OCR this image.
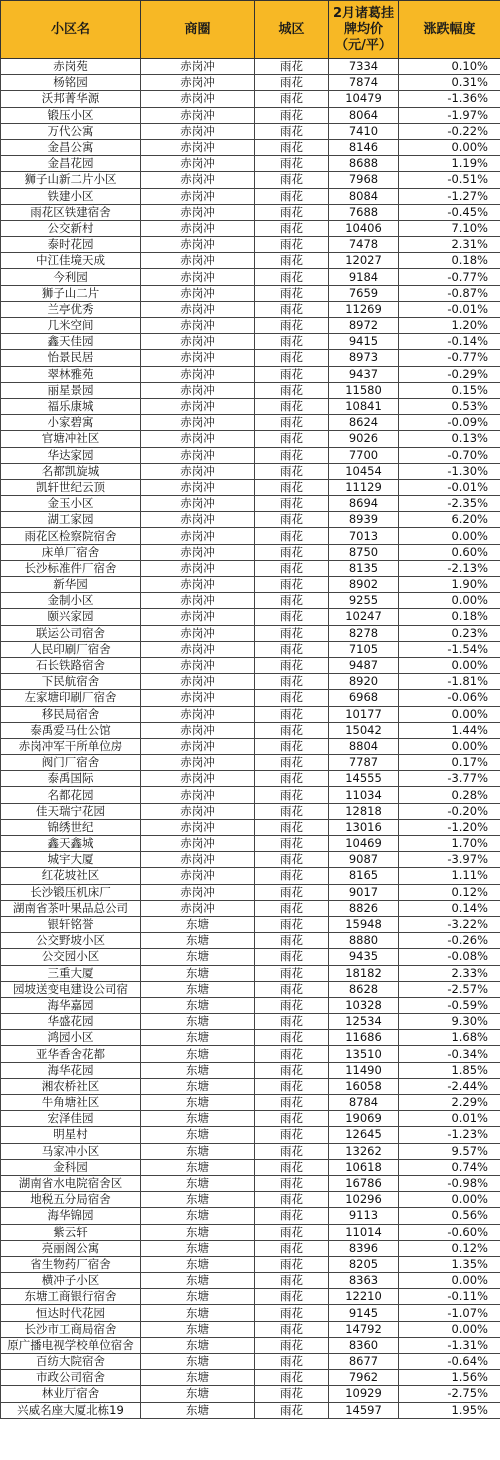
小区名	商圈	城区	2月诸葛挂牌均价（元/平）	涨跌幅度
赤岗苑	赤岗冲	雨花	7334	0.10%
杨铭园	赤岗冲	雨花	7874	0.31%
沃邦菁华源	赤岗冲	雨花	10479	-1.36%
锻压小区	赤岗冲	雨花	8064	-1.97%
万代公寓	赤岗冲	雨花	7410	-0.22%
金昌公寓	赤岗冲	雨花	8146	0.00%
金昌花园	赤岗冲	雨花	8688	1.19%
狮子山新二片小区	赤岗冲	雨花	7968	-0.51%
铁建小区	赤岗冲	雨花	8084	-1.27%
雨花区铁建宿舍	赤岗冲	雨花	7688	-0.45%
公交新村	赤岗冲	雨花	10406	7.10%
泰时花园	赤岗冲	雨花	7478	2.31%
中江佳境天成	赤岗冲	雨花	12027	0.18%
今利园	赤岗冲	雨花	9184	-0.77%
狮子山二片	赤岗冲	雨花	7659	-0.87%
兰亭优秀	赤岗冲	雨花	11269	-0.01%
几米空间	赤岗冲	雨花	8972	1.20%
鑫天佳园	赤岗冲	雨花	9415	-0.14%
怡景民居	赤岗冲	雨花	8973	-0.77%
翠林雅苑	赤岗冲	雨花	9437	-0.29%
丽星景园	赤岗冲	雨花	11580	0.15%
福乐康城	赤岗冲	雨花	10841	0.53%
小家碧寓	赤岗冲	雨花	8624	-0.09%
官塘冲社区	赤岗冲	雨花	9026	0.13%
华达家园	赤岗冲	雨花	7700	-0.70%
名都凯旋城	赤岗冲	雨花	10454	-1.30%
凯轩世纪云顶	赤岗冲	雨花	11129	-0.01%
金玉小区	赤岗冲	雨花	8694	-2.35%
湖工家园	赤岗冲	雨花	8939	6.20%
雨花区检察院宿舍	赤岗冲	雨花	7013	0.00%
床单厂宿舍	赤岗冲	雨花	8750	0.60%
长沙标准件厂宿舍	赤岗冲	雨花	8135	-2.13%
新华园	赤岗冲	雨花	8902	1.90%
金制小区	赤岗冲	雨花	9255	0.00%
颐兴家园	赤岗冲	雨花	10247	0.18%
联运公司宿舍	赤岗冲	雨花	8278	0.23%
人民印刷厂宿舍	赤岗冲	雨花	7105	-1.54%
石长铁路宿舍	赤岗冲	雨花	9487	0.00%
下民航宿舍	赤岗冲	雨花	8920	-1.81%
左家塘印刷厂宿舍	赤岗冲	雨花	6968	-0.06%
移民局宿舍	赤岗冲	雨花	10177	0.00%
泰禹爱马仕公馆	赤岗冲	雨花	15042	1.44%
赤岗冲军干所单位房	赤岗冲	雨花	8804	0.00%
阀门厂宿舍	赤岗冲	雨花	7787	0.17%
泰禹国际	赤岗冲	雨花	14555	-3.77%
名都花园	赤岗冲	雨花	11034	0.28%
佳天瑞宁花园	赤岗冲	雨花	12818	-0.20%
锦绣世纪	赤岗冲	雨花	13016	-1.20%
鑫天鑫城	赤岗冲	雨花	10469	1.70%
城宇大厦	赤岗冲	雨花	9087	-3.97%
红花坡社区	赤岗冲	雨花	8165	1.11%
长沙锻压机床厂	赤岗冲	雨花	9017	0.12%
湖南省茶叶果品总公司	赤岗冲	雨花	8826	0.14%
银轩铭誉	东塘	雨花	15948	-3.22%
公交野坡小区	东塘	雨花	8880	-0.26%
公交园小区	东塘	雨花	9435	-0.08%
三重大厦	东塘	雨花	18182	2.33%
园坡送变电建设公司宿	东塘	雨花	8628	-2.57%
海华嘉园	东塘	雨花	10328	-0.59%
华盛花园	东塘	雨花	12534	9.30%
鸿园小区	东塘	雨花	11686	1.68%
亚华香舍花都	东塘	雨花	13510	-0.34%
海华花园	东塘	雨花	11490	1.85%
湘农桥社区	东塘	雨花	16058	-2.44%
牛角塘社区	东塘	雨花	8784	2.29%
宏泽佳园	东塘	雨花	19069	0.01%
明星村	东塘	雨花	12645	-1.23%
马家冲小区	东塘	雨花	13262	9.57%
金科园	东塘	雨花	10618	0.74%
湖南省水电院宿舍区	东塘	雨花	16786	-0.98%
地税五分局宿舍	东塘	雨花	10296	0.00%
海华锦园	东塘	雨花	9113	0.56%
紫云轩	东塘	雨花	11014	-0.60%
亮丽阁公寓	东塘	雨花	8396	0.12%
省生物药厂宿舍	东塘	雨花	8205	1.35%
横冲子小区	东塘	雨花	8363	0.00%
东塘工商银行宿舍	东塘	雨花	12210	-0.11%
恒达时代花园	东塘	雨花	9145	-1.07%
长沙市工商局宿舍	东塘	雨花	14792	0.00%
原广播电视学校单位宿舍	东塘	雨花	8360	-1.31%
百纺大院宿舍	东塘	雨花	8677	-0.64%
市政公司宿舍	东塘	雨花	7962	1.56%
林业厅宿舍	东塘	雨花	10929	-2.75%
兴威名座大厦北栋19	东塘	雨花	14597	1.95%
